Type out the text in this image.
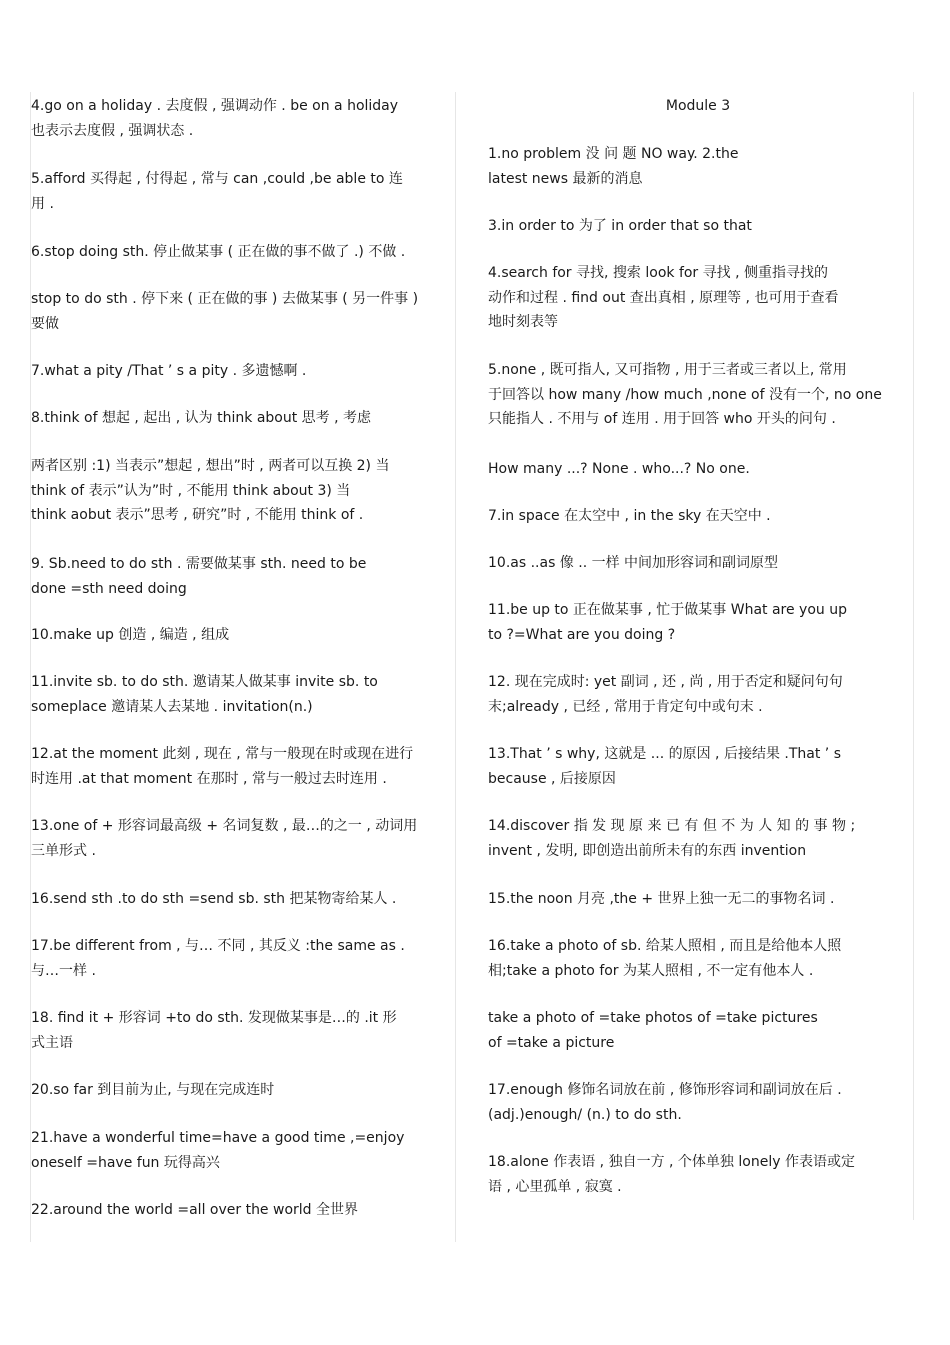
4.go on a holiday . 去度假 , 强调动作 . be on a holiday
也表示去度假 , 强调状态 .
5.afford 买得起 , 付得起 , 常与 can ,could ,be able to 连
用 .
6.stop doing sth. 停止做某事 ( 正在做的事不做了 .) 不做 .
stop to do sth . 停下来 ( 正在做的事 ) 去做某事 ( 另一件事 )
要做
7.what a pity /That ’ s a pity . 多遗憾啊 .
8.think of 想起 , 起出 , 认为 think about 思考 , 考虑
两者区别 :1) 当表示”想起 , 想出”时 , 两者可以互换 2) 当
think of 表示”认为”时 , 不能用 think about 3) 当
think aobut 表示”思考 , 研究”时 , 不能用 think of .
9. Sb.need to do sth . 需要做某事 sth. need to be
done =sth need doing
10.make up 创造 , 编造 , 组成
11.invite sb. to do sth. 邀请某人做某事 invite sb. to
someplace 邀请某人去某地 . invitation(n.)
12.at the moment 此刻 , 现在 , 常与一般现在时或现在进行
时连用 .at that moment 在那时 , 常与一般过去时连用 .
13.one of + 形容词最高级 + 名词复数 , 最…的之一 , 动词用
三单形式 .
16.send sth .to do sth =send sb. sth 把某物寄给某人 .
17.be different from , 与… 不同 , 其反义 :the same as .
与…一样 .
18. find it + 形容词 +to do sth. 发现做某事是…的 .it 形
式主语
20.so far 到目前为止, 与现在完成连时
21.have a wonderful time=have a good time ,=enjoy
oneself =have fun 玩得高兴
22.around the world =all over the world 全世界
Module 3
1.no problem 没 问 题 NO way. 2.the
latest news 最新的消息
3.in order to 为了 in order that so that
4.search for 寻找, 搜索 look for 寻找 , 侧重指寻找的
动作和过程 . find out 查出真相 , 原理等 , 也可用于查看
地时刻表等
5.none , 既可指人, 又可指物 , 用于三者或三者以上, 常用
于回答以 how many /how much ,none of 没有一个, no one
只能指人 . 不用与 of 连用 . 用于回答 who 开头的问句 .
How many ...? None . who...? No one.
7.in space 在太空中 , in the sky 在天空中 .
10.as ..as 像 .. 一样 中间加形容词和副词原型
11.be up to 正在做某事 , 忙于做某事 What are you up
to ?=What are you doing ?
12. 现在完成时: yet 副词 , 还 , 尚 , 用于否定和疑问句句
末;already , 已经 , 常用于肯定句中或句末 .
13.That ’ s why, 这就是 ... 的原因 , 后接结果 .That ’ s
because , 后接原因
14.discover 指 发 现 原 来 已 有 但 不 为 人 知 的 事 物 ;
invent , 发明, 即创造出前所未有的东西 invention
15.the noon 月亮 ,the + 世界上独一无二的事物名词 .
16.take a photo of sb. 给某人照相 , 而且是给他本人照
相;take a photo for 为某人照相 , 不一定有他本人 .
take a photo of =take photos of =take pictures
of =take a picture
17.enough 修饰名词放在前 , 修饰形容词和副词放在后 .
(adj.)enough/ (n.) to do sth.
18.alone 作表语 , 独自一方 , 个体单独 lonely 作表语或定
语 , 心里孤单 , 寂寞 .
